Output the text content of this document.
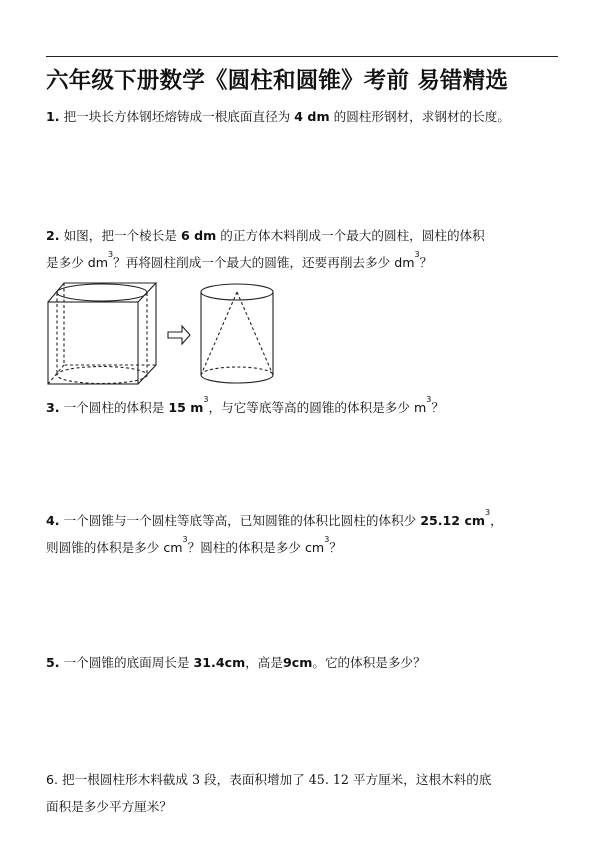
六年级下册数学《圆柱和圆锥》考前 易错精选
1. 把一块长方体钢坯熔铸成一根底面直径为 4 dm 的圆柱形钢材，求钢材的长度。
2. 如图，把一个棱长是 6 dm 的正方体木料削成一个最大的圆柱，圆柱的体积
是多少 $dm^3$？再将圆柱削成一个最大的圆锥，还要再削去多少 $dm^3$？
3. 一个圆柱的体积是 15 $m^3$，与它等底等高的圆锥的体积是多少 $m^3$？
4. 一个圆锥与一个圆柱等底等高，已知圆锥的体积比圆柱的体积少 25.12 $cm^3$，
则圆锥的体积是多少 $cm^3$？圆柱的体积是多少 $cm^3$？
5. 一个圆锥的底面周长是 31.4cm，高是9cm。它的体积是多少？
6. 把一根圆柱形木料截成 3 段，表面积增加了 45. 12 平方厘米，这根木料的底
面积是多少平方厘米？
